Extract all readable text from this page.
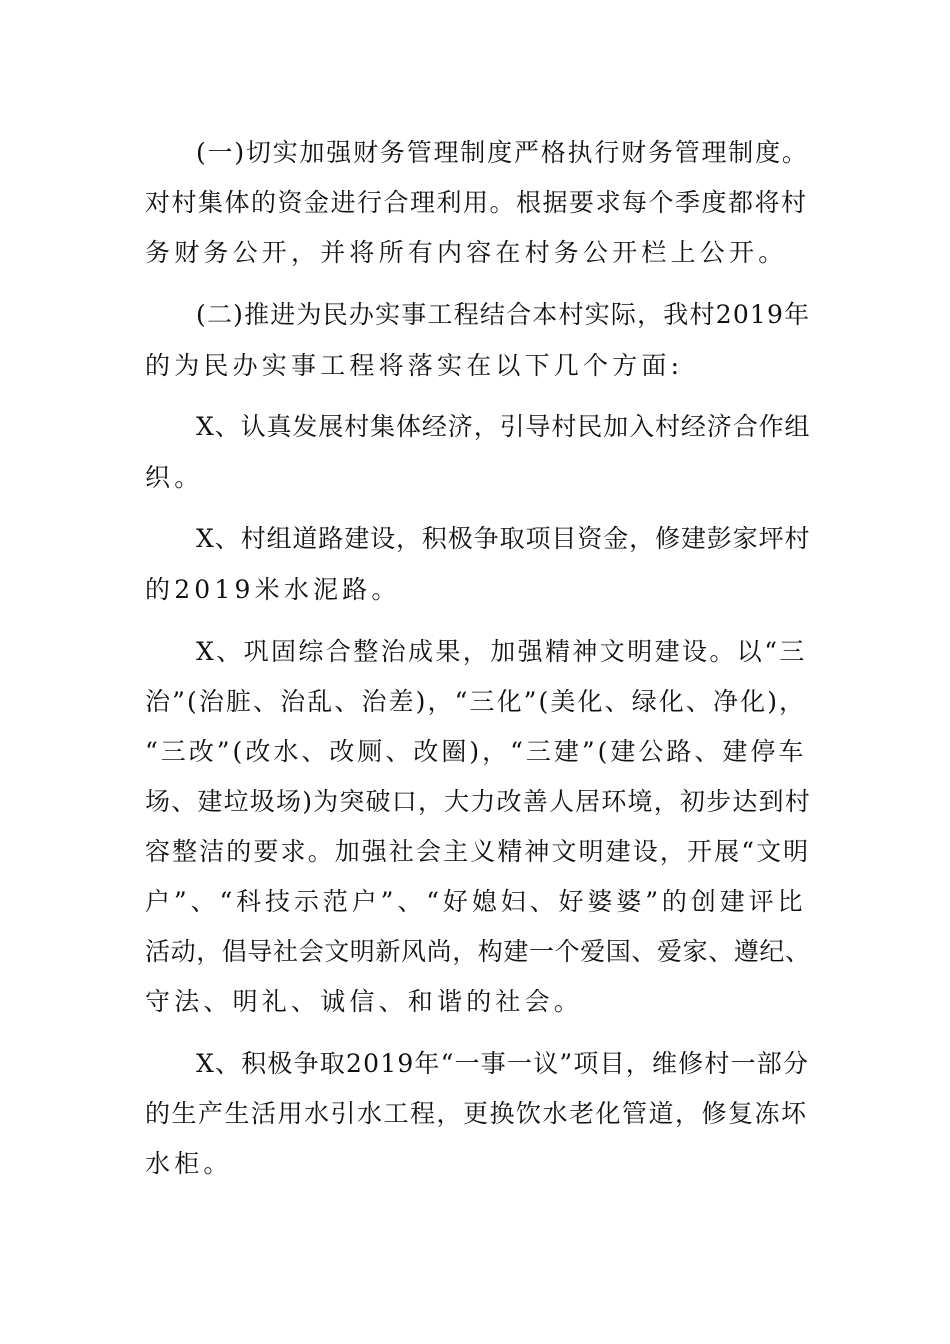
(一)切实加强财务管理制度严格执行财务管理制度。
对村集体的资金进行合理利用。根据要求每个季度都将村
务财务公开，并将所有内容在村务公开栏上公开。
(二)推进为民办实事工程结合本村实际，我村2019年
的为民办实事工程将落实在以下几个方面:
X、认真发展村集体经济，引导村民加入村经济合作组
织。
X、村组道路建设，积极争取项目资金，修建彭家坪村
的2019米水泥路。
X、巩固综合整治成果，加强精神文明建设。以“三
治”(治脏、治乱、治差)，“三化”(美化、绿化、净化)，
“三改”(改水、改厕、改圈)，“三建”(建公路、建停车
场、建垃圾场)为突破口，大力改善人居环境，初步达到村
容整洁的要求。加强社会主义精神文明建设，开展“文明
户”、“科技示范户”、“好媳妇、好婆婆”的创建评比
活动，倡导社会文明新风尚，构建一个爱国、爱家、遵纪、
守法、明礼、诚信、和谐的社会。
X、积极争取2019年“一事一议”项目，维修村一部分
的生产生活用水引水工程，更换饮水老化管道，修复冻坏
水柜。
